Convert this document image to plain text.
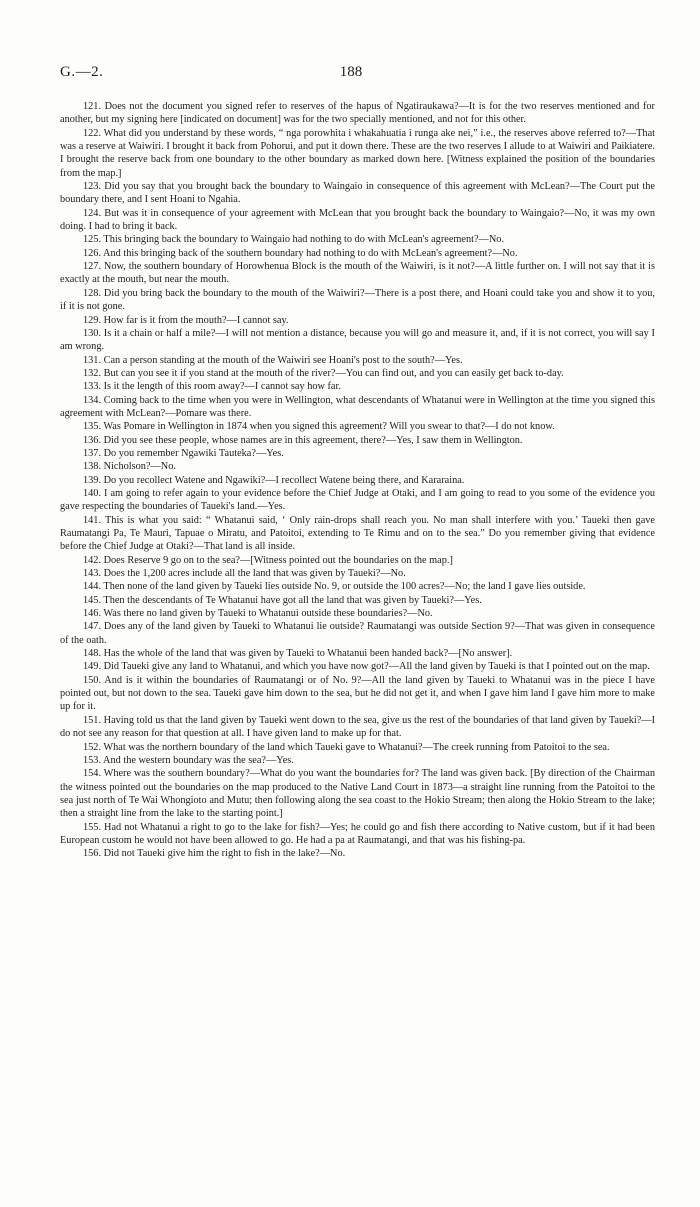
G.—2.	188

121. Does not the document you signed refer to reserves of the hapus of Ngatiraukawa?—It is for the two reserves mentioned and for another, but my signing here [indicated on document] was for the two specially mentioned, and not for this other.

122. What did you understand by these words, “ nga porowhita i whakahuatia i runga ake nei,” i.e., the reserves above referred to?—That was a reserve at Waiwiri. I brought it back from Pohorui, and put it down there. These are the two reserves I allude to at Waiwiri and Paikiatere. I brought the reserve back from one boundary to the other boundary as marked down here. [Witness explained the position of the boundaries from the map.]

123. Did you say that you brought back the boundary to Waingaio in consequence of this agreement with McLean?—The Court put the boundary there, and I sent Hoani to Ngahia.

124. But was it in consequence of your agreement with McLean that you brought back the boundary to Waingaio?—No, it was my own doing. I had to bring it back.

125. This bringing back the boundary to Waingaio had nothing to do with McLean's agreement?—No.

126. And this bringing back of the southern boundary had nothing to do with McLean's agreement?—No.

127. Now, the southern boundary of Horowhenua Block is the mouth of the Waiwiri, is it not?—A little further on. I will not say that it is exactly at the mouth, but near the mouth.

128. Did you bring back the boundary to the mouth of the Waiwiri?—There is a post there, and Hoani could take you and show it to you, if it is not gone.

129. How far is it from the mouth?—I cannot say.

130. Is it a chain or half a mile?—I will not mention a distance, because you will go and measure it, and, if it is not correct, you will say I am wrong.

131. Can a person standing at the mouth of the Waiwiri see Hoani's post to the south?—Yes.

132. But can you see it if you stand at the mouth of the river?—You can find out, and you can easily get back to-day.

133. Is it the length of this room away?—I cannot say how far.

134. Coming back to the time when you were in Wellington, what descendants of Whatanui were in Wellington at the time you signed this agreement with McLean?—Pomare was there.

135. Was Pomare in Wellington in 1874 when you signed this agreement? Will you swear to that?—I do not know.

136. Did you see these people, whose names are in this agreement, there?—Yes, I saw them in Wellington.

137. Do you remember Ngawiki Tauteka?—Yes.

138. Nicholson?—No.

139. Do you recollect Watene and Ngawiki?—I recollect Watene being there, and Kararaina.

140. I am going to refer again to your evidence before the Chief Judge at Otaki, and I am going to read to you some of the evidence you gave respecting the boundaries of Taueki's land.—Yes.

141. This is what you said: “ Whatanui said, ‘ Only rain-drops shall reach you. No man shall interfere with you.’ Taueki then gave Raumatangi Pa, Te Mauri, Tapuae o Miratu, and Patoitoi, extending to Te Rimu and on to the sea.” Do you remember giving that evidence before the Chief Judge at Otaki?—That land is all inside.

142. Does Reserve 9 go on to the sea?—[Witness pointed out the boundaries on the map.]

143. Does the 1,200 acres include all the land that was given by Taueki?—No.

144. Then none of the land given by Taueki lies outside No. 9, or outside the 100 acres?—No; the land I gave lies outside.

145. Then the descendants of Te Whatanui have got all the land that was given by Taueki?—Yes.

146. Was there no land given by Taueki to Whatanui outside these boundaries?—No.

147. Does any of the land given by Taueki to Whatanui lie outside? Raumatangi was outside Section 9?—That was given in consequence of the oath.

148. Has the whole of the land that was given by Taueki to Whatanui been handed back?—[No answer].

149. Did Taueki give any land to Whatanui, and which you have now got?—All the land given by Taueki is that I pointed out on the map.

150. And is it within the boundaries of Raumatangi or of No. 9?—All the land given by Taueki to Whatanui was in the piece I have pointed out, but not down to the sea. Taueki gave him down to the sea, but he did not get it, and when I gave him land I gave him more to make up for it.

151. Having told us that the land given by Taueki went down to the sea, give us the rest of the boundaries of that land given by Taueki?—I do not see any reason for that question at all. I have given land to make up for that.

152. What was the northern boundary of the land which Taueki gave to Whatanui?—The creek running from Patoitoi to the sea.

153. And the western boundary was the sea?—Yes.

154. Where was the southern boundary?—What do you want the boundaries for? The land was given back. [By direction of the Chairman the witness pointed out the boundaries on the map produced to the Native Land Court in 1873—a straight line running from the Patoitoi to the sea just north of Te Wai Whongioto and Mutu; then following along the sea coast to the Hokio Stream; then along the Hokio Stream to the lake; then a straight line from the lake to the starting point.]

155. Had not Whatanui a right to go to the lake for fish?—Yes; he could go and fish there according to Native custom, but if it had been European custom he would not have been allowed to go. He had a pa at Raumatangi, and that was his fishing-pa.

156. Did not Taueki give him the right to fish in the lake?—No.
